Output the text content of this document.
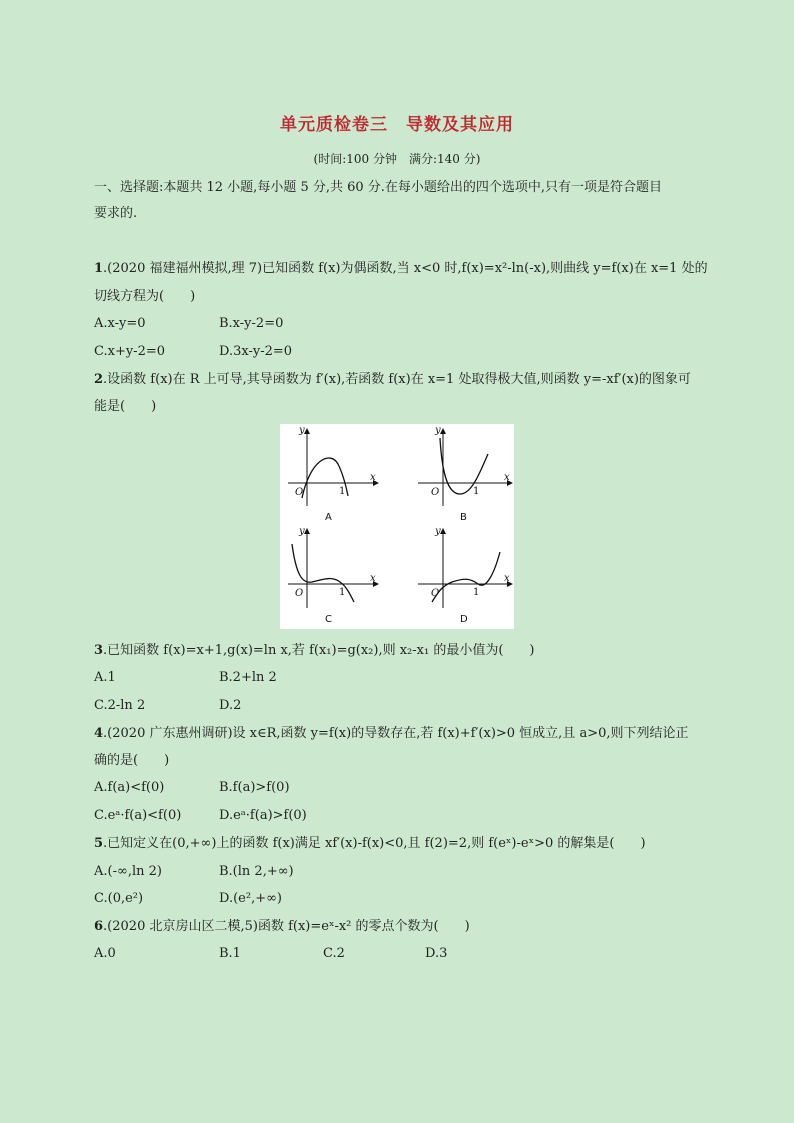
单元质检卷三　导数及其应用
(时间:100 分钟　满分:140 分)
一、选择题:本题共 12 小题,每小题 5 分,共 60 分.在每小题给出的四个选项中,只有一项是符合题目
要求的.
1.(2020 福建福州模拟,理 7)已知函数 f(x)为偶函数,当 x<0 时,f(x)=x²-ln(-x),则曲线 y=f(x)在 x=1 处的
切线方程为(　　)
A.x-y=0	B.x-y-2=0
C.x+y-2=0	D.3x-y-2=0
2.设函数 f(x)在 R 上可导,其导函数为 f′(x),若函数 f(x)在 x=1 处取得极大值,则函数 y=-xf′(x)的图象可
能是(　　)
y
x
O	1
y
x
O	1
y
x
O	1
y
x
O	1
A	B
C	D
3.已知函数 f(x)=x+1,g(x)=ln x,若 f(x₁)=g(x₂),则 x₂-x₁ 的最小值为(　　)
A.1	B.2+ln 2
C.2-ln 2	D.2
4.(2020 广东惠州调研)设 x∈R,函数 y=f(x)的导数存在,若 f(x)+f′(x)>0 恒成立,且 a>0,则下列结论正
确的是(　　)
A.f(a)<f(0)	B.f(a)>f(0)
C.eᵃ·f(a)<f(0)	D.eᵃ·f(a)>f(0)
5.已知定义在(0,+∞)上的函数 f(x)满足 xf′(x)-f(x)<0,且 f(2)=2,则 f(eˣ)-eˣ>0 的解集是(　　)
A.(-∞,ln 2)	B.(ln 2,+∞)
C.(0,e²)	D.(e²,+∞)
6.(2020 北京房山区二模,5)函数 f(x)=eˣ-x² 的零点个数为(　　)
A.0	B.1	C.2	D.3
